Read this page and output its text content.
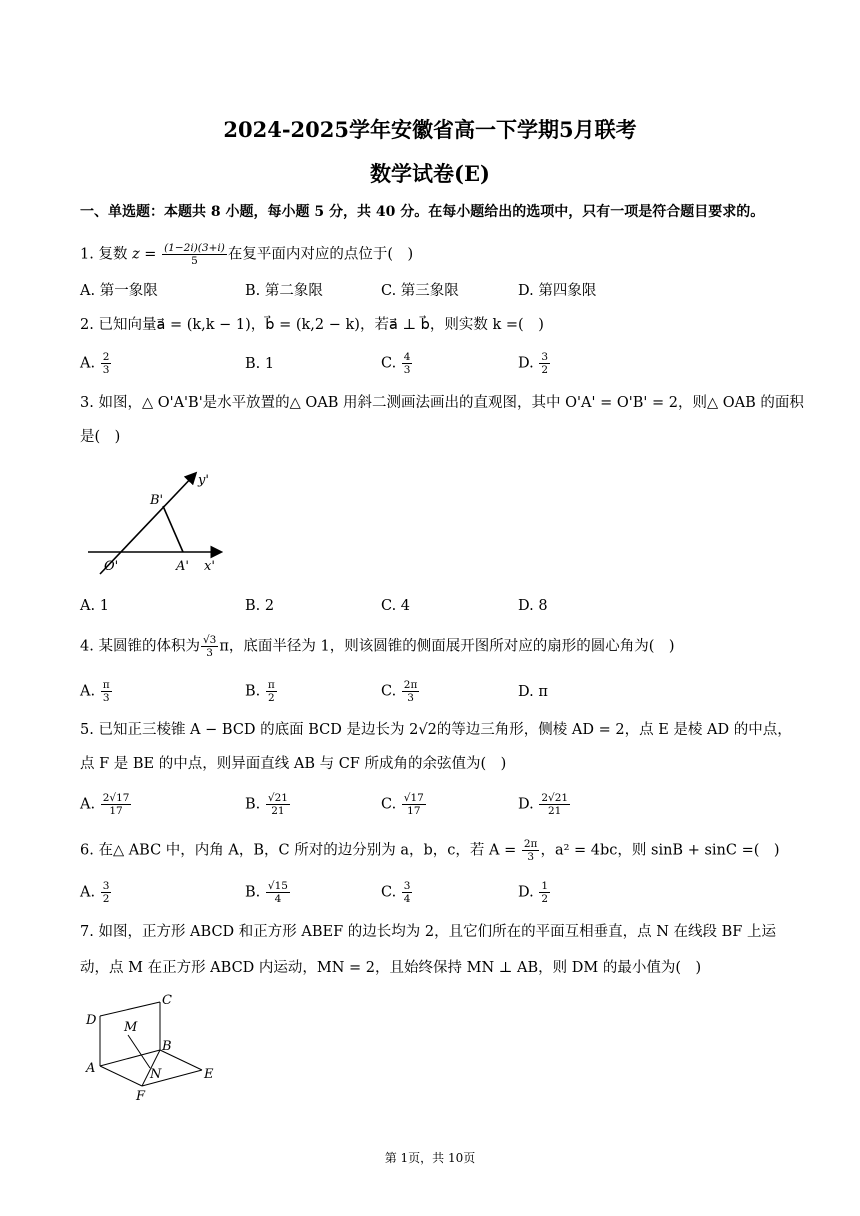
2024-2025学年安徽省高一下学期5月联考
数学试卷(E)
一、单选题：本题共 8 小题，每小题 5 分，共 40 分。在每小题给出的选项中，只有一项是符合题目要求的。
1. 复数 $z = \frac{(1-2i)(3+i)}{5}$ 在复平面内对应的点位于(　)
A. 第一象限	B. 第二象限	C. 第三象限	D. 第四象限
2. 已知向量a⃗ = (k,k − 1)，b⃗ = (k,2 − k)，若a⃗ ⊥ b⃗，则实数 k =(　)
A. $\frac{2}{3}$	B. 1	C. $\frac{4}{3}$	D. $\frac{3}{2}$
3. 如图，△ O'A'B'是水平放置的△ OAB 用斜二测画法画出的直观图，其中 O'A' = O'B' = 2，则△ OAB 的面积
是(　)
B'
y'
O'	A' x'
A. 1	B. 2	C. 4	D. 8
4. 某圆锥的体积为 $\frac{√3}{3}$ π，底面半径为 1，则该圆锥的侧面展开图所对应的扇形的圆心角为(　)
A. $\frac{\pi}{3}$	B. $\frac{\pi}{2}$	C. $\frac{2\pi}{3}$	D. π
5. 已知正三棱锥 A − BCD 的底面 BCD 是边长为 2√2的等边三角形，侧棱 AD = 2，点 E 是棱 AD 的中点，
点 F 是 BE 的中点，则异面直线 AB 与 CF 所成角的余弦值为(　)
A. $\frac{2√17}{17}$	B. $\frac{√21}{21}$	C. $\frac{√17}{17}$	D. $\frac{2√21}{21}$
6. 在△ ABC 中，内角 A，B，C 所对的边分别为 a，b，c，若 $A = \frac{2\pi}{3}$ ，a² = 4bc，则 sinB + sinC =(　)
A. $\frac{3}{2}$	B. $\frac{√15}{4}$	C. $\frac{3}{4}$	D. $\frac{1}{2}$
7. 如图，正方形 ABCD 和正方形 ABEF 的边长均为 2，且它们所在的平面互相垂直，点 N 在线段 BF 上运
动，点 M 在正方形 ABCD 内运动，MN = 2，且始终保持 MN ⊥ AB，则 DM 的最小值为(　)
D
C
M
B
A	N	E
F
第 1页，共 10页
